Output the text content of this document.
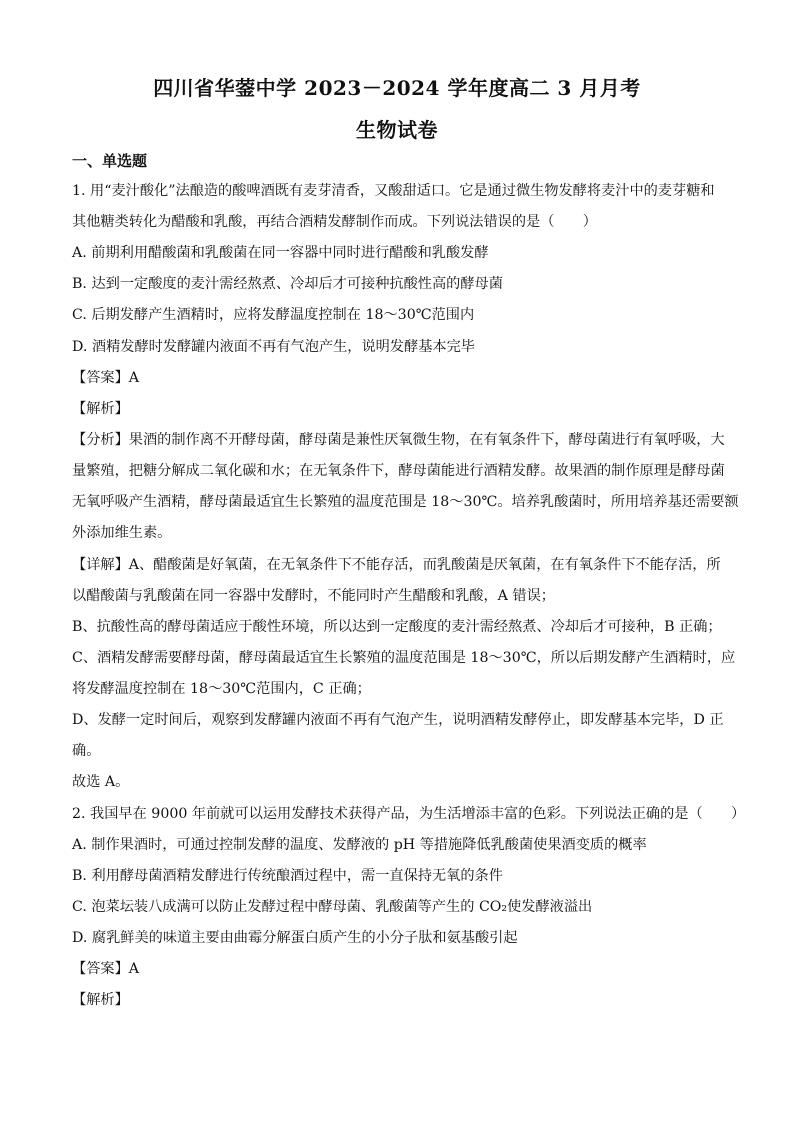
四川省华蓥中学 2023－2024 学年度高二 3 月月考
生物试卷
一、单选题
1. 用“麦汁酸化”法酿造的酸啤酒既有麦芽清香，又酸甜适口。它是通过微生物发酵将麦汁中的麦芽糖和
其他糖类转化为醋酸和乳酸，再结合酒精发酵制作而成。下列说法错误的是（　　）
A. 前期利用醋酸菌和乳酸菌在同一容器中同时进行醋酸和乳酸发酵
B. 达到一定酸度的麦汁需经熬煮、冷却后才可接种抗酸性高的酵母菌
C. 后期发酵产生酒精时，应将发酵温度控制在 18～30℃范围内
D. 酒精发酵时发酵罐内液面不再有气泡产生，说明发酵基本完毕
【答案】A
【解析】
【分析】果酒的制作离不开酵母菌，酵母菌是兼性厌氧微生物，在有氧条件下，酵母菌进行有氧呼吸，大
量繁殖，把糖分解成二氧化碳和水；在无氧条件下，酵母菌能进行酒精发酵。故果酒的制作原理是酵母菌
无氧呼吸产生酒精，酵母菌最适宜生长繁殖的温度范围是 18～30℃。培养乳酸菌时，所用培养基还需要额
外添加维生素。
【详解】A、醋酸菌是好氧菌，在无氧条件下不能存活，而乳酸菌是厌氧菌，在有氧条件下不能存活，所
以醋酸菌与乳酸菌在同一容器中发酵时，不能同时产生醋酸和乳酸，A 错误；
B、抗酸性高的酵母菌适应于酸性环境，所以达到一定酸度的麦汁需经熬煮、冷却后才可接种，B 正确；
C、酒精发酵需要酵母菌，酵母菌最适宜生长繁殖的温度范围是 18～30℃，所以后期发酵产生酒精时，应
将发酵温度控制在 18～30℃范围内，C 正确；
D、发酵一定时间后，观察到发酵罐内液面不再有气泡产生，说明酒精发酵停止，即发酵基本完毕，D 正
确。
故选 A。
2. 我国早在 9000 年前就可以运用发酵技术获得产品，为生活增添丰富的色彩。下列说法正确的是（　　）
A. 制作果酒时，可通过控制发酵的温度、发酵液的 pH 等措施降低乳酸菌使果酒变质的概率
B. 利用酵母菌酒精发酵进行传统酿酒过程中，需一直保持无氧的条件
C. 泡菜坛装八成满可以防止发酵过程中酵母菌、乳酸菌等产生的 CO₂使发酵液溢出
D. 腐乳鲜美的味道主要由曲霉分解蛋白质产生的小分子肽和氨基酸引起
【答案】A
【解析】
